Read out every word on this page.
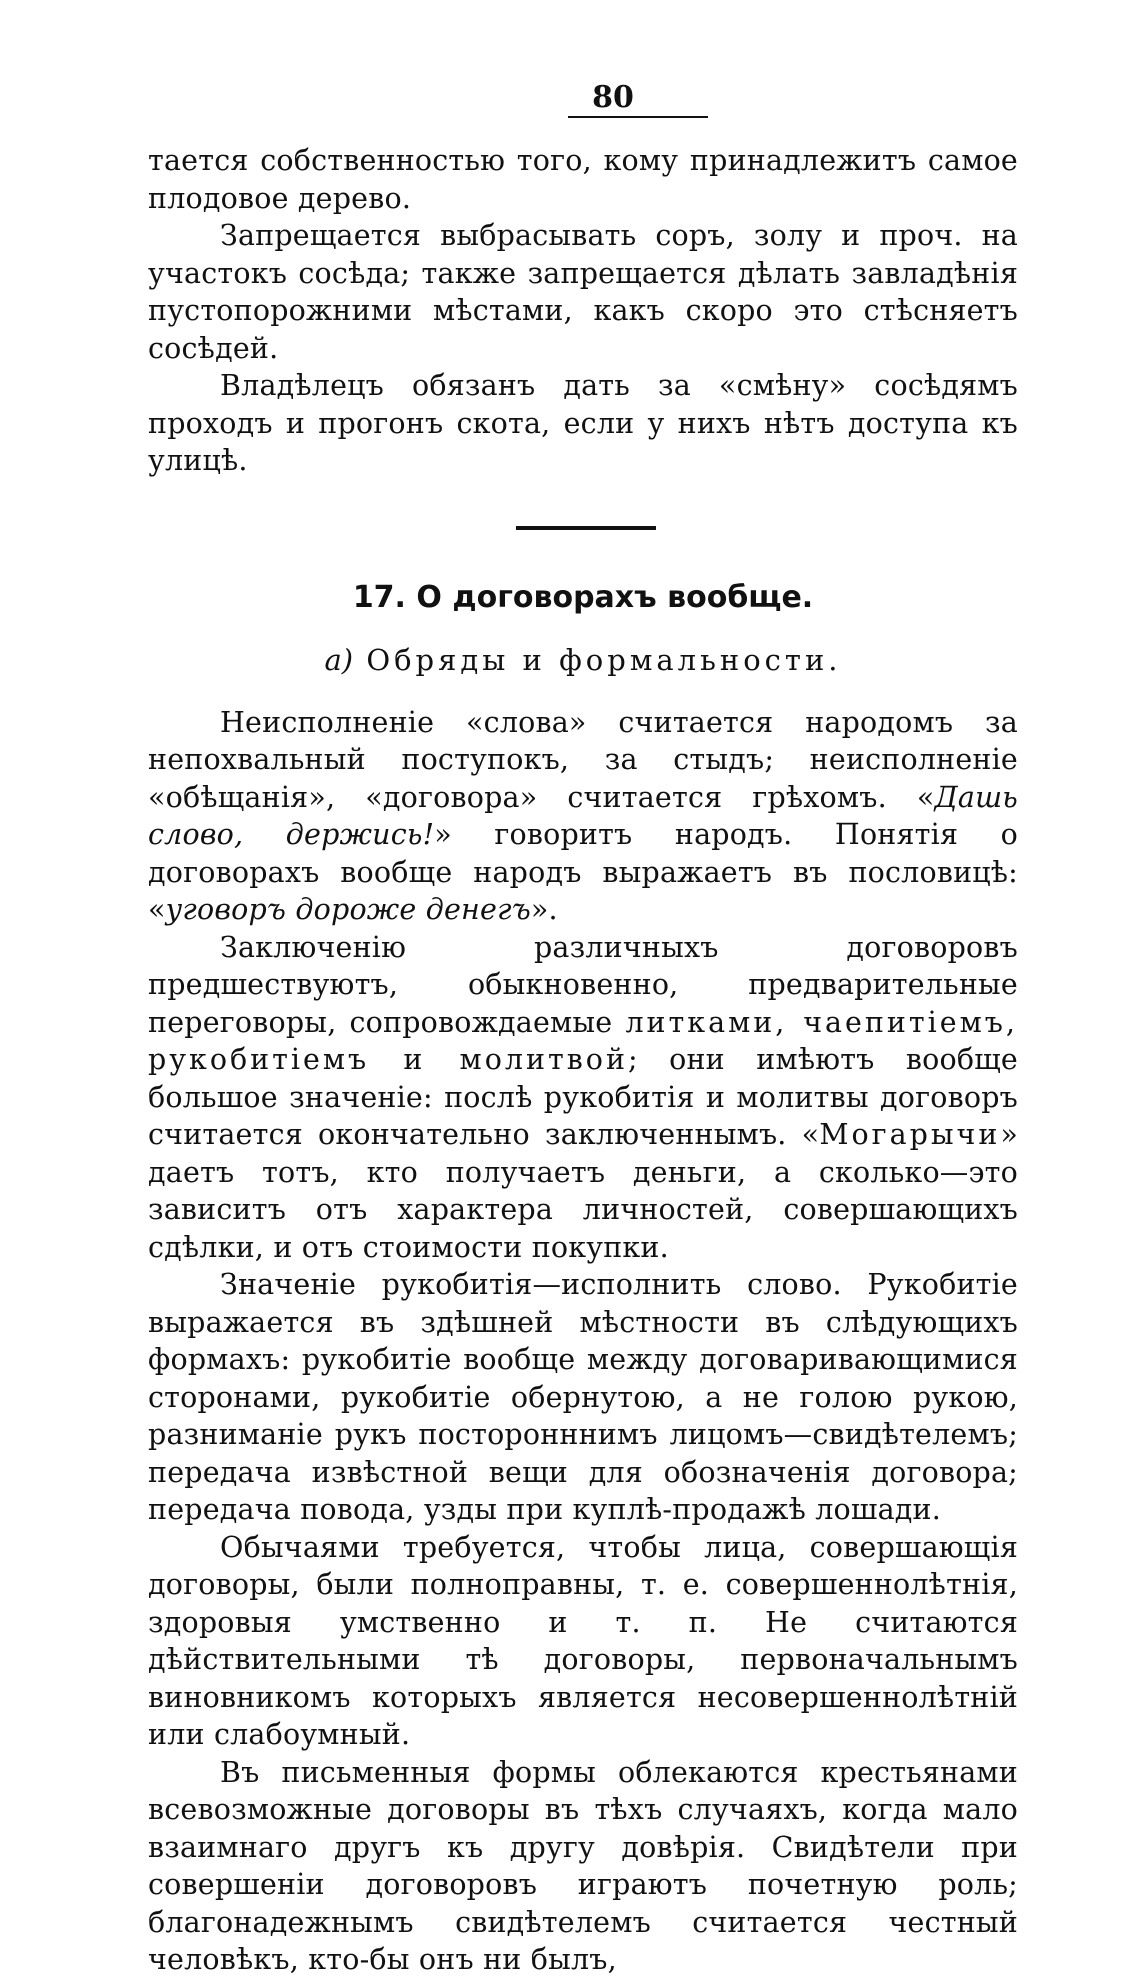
80

тается собственностью того, кому принадлежитъ самое плодовое дерево.

Запрещается выбрасывать соръ, золу и проч. на участокъ сосѣда; также запрещается дѣлать завладѣнія пустопорожними мѣстами, какъ скоро это стѣсняетъ сосѣдей.

Владѣлецъ обязанъ дать за «смѣну» сосѣдямъ проходъ и прогонъ скота, если у нихъ нѣтъ доступа къ улицѣ.

17. О договорахъ вообще.
а) Обряды и формальности.

Неисполненіе «слова» считается народомъ за непохвальный поступокъ, за стыдъ; неисполненіе «обѣщанія», «договора» считается грѣхомъ. «Дашь слово, держись!» говоритъ народъ. Понятія о договорахъ вообще народъ выражаетъ въ пословицѣ: «уговоръ дороже денегъ».

Заключенію различныхъ договоровъ предшествуютъ, обыкновенно, предварительные переговоры, сопровождаемые литками, чаепитіемъ, рукобитіемъ и молитвой; они имѣютъ вообще большое значеніе: послѣ рукобитія и молитвы договоръ считается окончательно заключеннымъ. «Могарычи» даетъ тотъ, кто получаетъ деньги, а сколько—это зависитъ отъ характера личностей, совершающихъ сдѣлки, и отъ стоимости покупки.

Значеніе рукобитія—исполнить слово. Рукобитіе выражается въ здѣшней мѣстности въ слѣдующихъ формахъ: рукобитіе вообще между договаривающимися сторонами, рукобитіе обернутою, а не голою рукою, разниманіе рукъ посторонннимъ лицомъ—свидѣтелемъ; передача извѣстной вещи для обозначенія договора; передача повода, узды при куплѣ-продажѣ лошади.

Обычаями требуется, чтобы лица, совершающія договоры, были полноправны, т. е. совершеннолѣтнія, здоровыя умственно и т. п. Не считаются дѣйствительными тѣ договоры, первоначальнымъ виновникомъ которыхъ является несовершеннолѣтній или слабоумный.

Въ письменныя формы облекаются крестьянами всевозможные договоры въ тѣхъ случаяхъ, когда мало взаимнаго другъ къ другу довѣрія. Свидѣтели при совершеніи договоровъ играютъ почетную роль; благонадежнымъ свидѣтелемъ считается честный человѣкъ, кто-бы онъ ни былъ,
